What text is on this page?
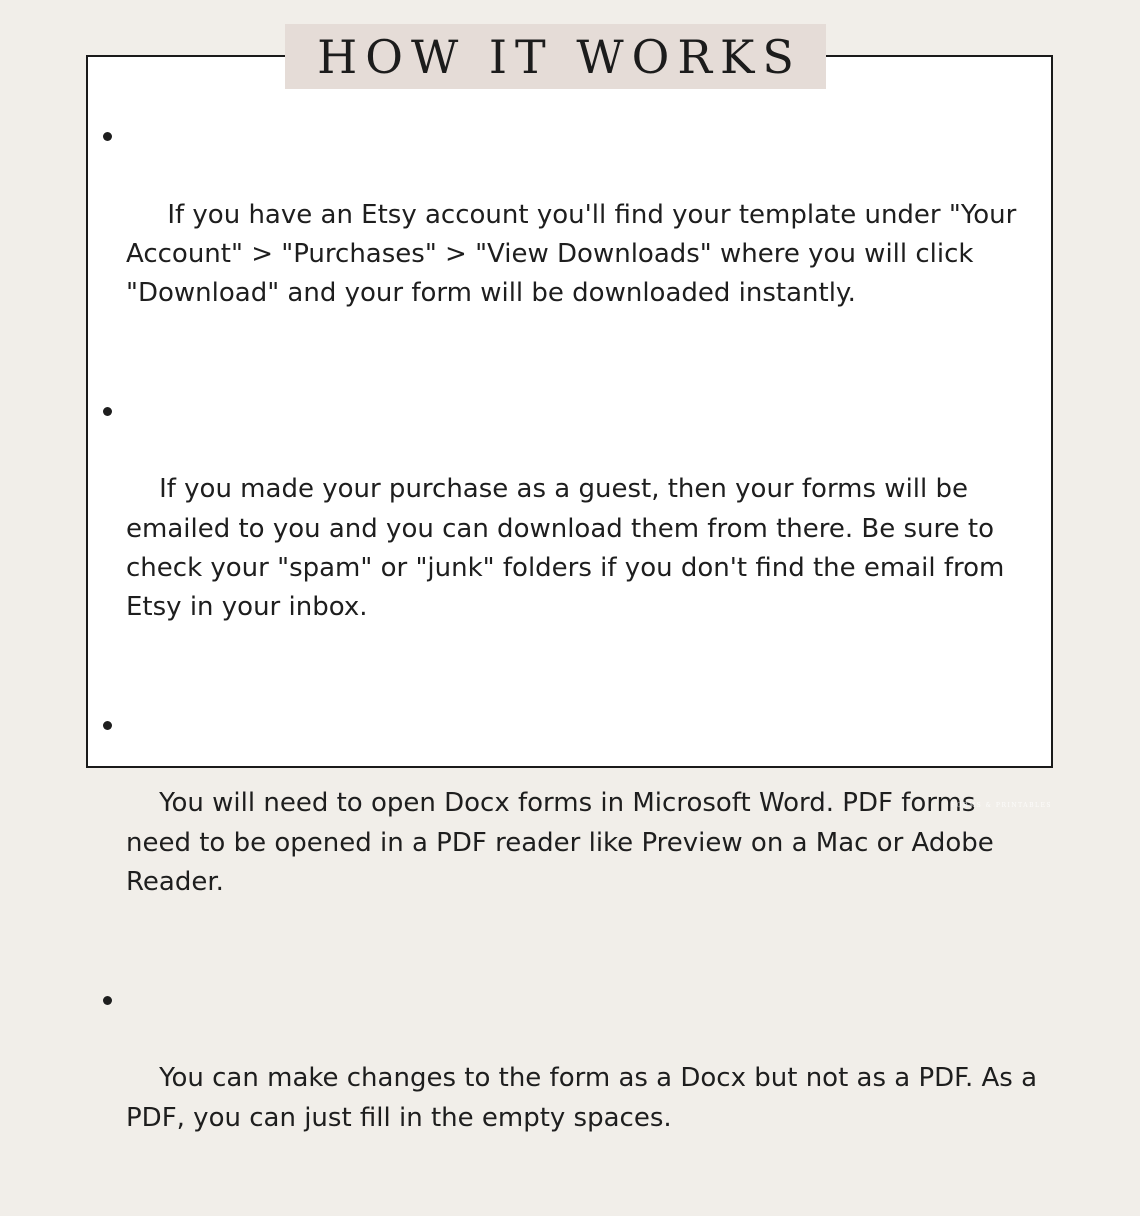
HOW IT WORKS

If you have an Etsy account you'll find your template under "Your Account" > "Purchases" > "View Downloads" where you will click "Download" and your form will be downloaded instantly.

If you made your purchase as a guest, then your forms will be emailed to you and you can download them from there. Be sure to check your "spam" or "junk" folders if you don't find the email from Etsy in your inbox.

You will need to open Docx forms in Microsoft Word. PDF forms need to be opened in a PDF reader like Preview on a Mac or Adobe Reader.

You can make changes to the form as a Docx but not as a PDF. As a PDF, you can just fill in the empty spaces.

FORMS & PRINTABLES
